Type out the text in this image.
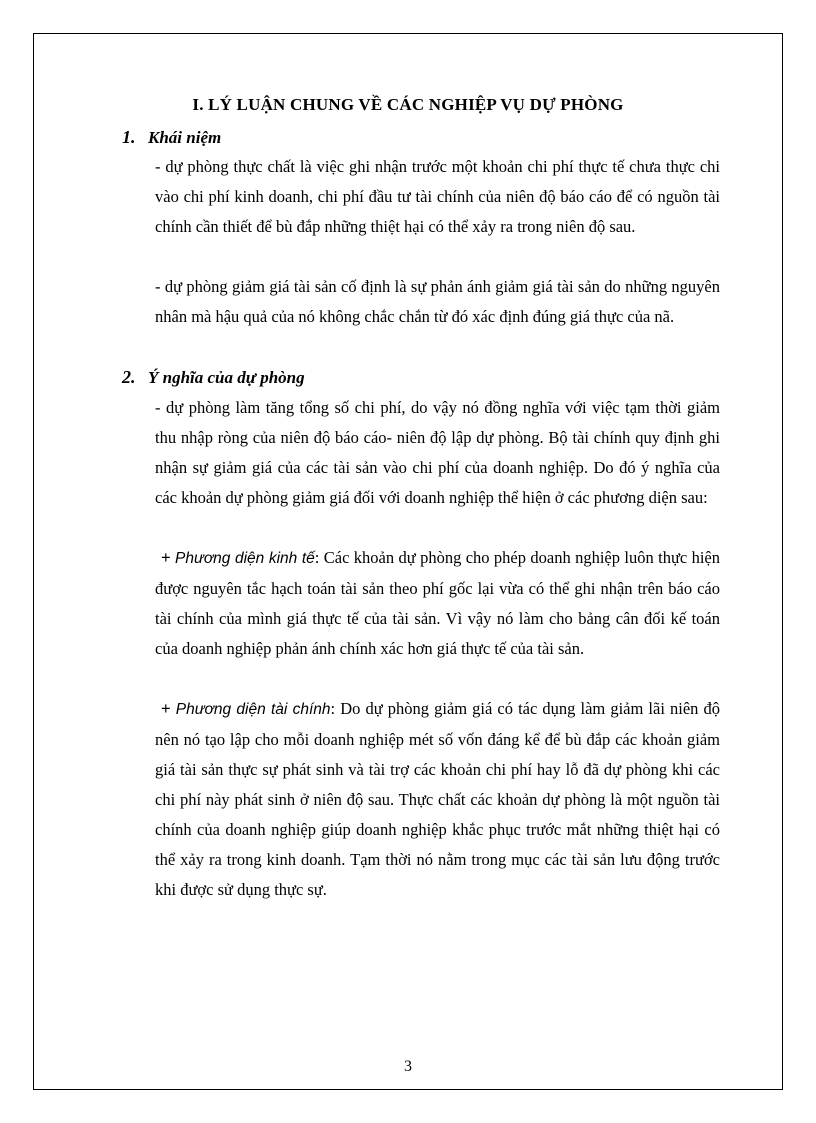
I. LÝ LUẬN CHUNG VỀ CÁC NGHIỆP VỤ DỰ PHÒNG
1. Khái niệm

- dự phòng thực chất là việc ghi nhận trước một khoản chi phí thực tế chưa thực chi vào chi phí kinh doanh, chi phí đầu tư tài chính của niên độ báo cáo để có nguồn tài chính cần thiết để bù đắp những thiệt hại có thể xảy ra trong niên độ sau.

- dự phòng giảm giá tài sản cố định là sự phản ánh giảm giá tài sản do những nguyên nhân mà hậu quả của nó không chắc chắn từ đó xác định đúng giá thực của nã.

2. Ý nghĩa của dự phòng

- dự phòng làm tăng tổng số chi phí, do vậy nó đồng nghĩa với việc tạm thời giảm thu nhập ròng của niên độ báo cáo- niên độ lập dự phòng. Bộ tài chính quy định ghi nhận sự giảm giá của các tài sản vào chi phí của doanh nghiệp. Do đó ý nghĩa của các khoản dự phòng giảm giá đối với doanh nghiệp thể hiện ở các phương diện sau:

+ Phương diện kinh tế: Các khoản dự phòng cho phép doanh nghiệp luôn thực hiện được nguyên tắc hạch toán tài sản theo phí gốc lại vừa có thể ghi nhận trên báo cáo tài chính của mình giá thực tế của tài sản. Vì vậy nó làm cho bảng cân đối kế toán của doanh nghiệp phản ánh chính xác hơn giá thực tế của tài sản.

+ Phương diện tài chính: Do dự phòng giảm giá có tác dụng làm giảm lãi niên độ nên nó tạo lập cho mỗi doanh nghiệp mét số vốn đáng kể để bù đắp các khoản giảm giá tài sản thực sự phát sinh và tài trợ các khoản chi phí hay lỗ đã dự phòng khi các chi phí này phát sinh ở niên độ sau. Thực chất các khoản dự phòng là một nguồn tài chính của doanh nghiệp giúp doanh nghiệp khắc phục trước mắt những thiệt hại có thể xảy ra trong kinh doanh. Tạm thời nó nằm trong mục các tài sản lưu động trước khi được sử dụng thực sự.

3
